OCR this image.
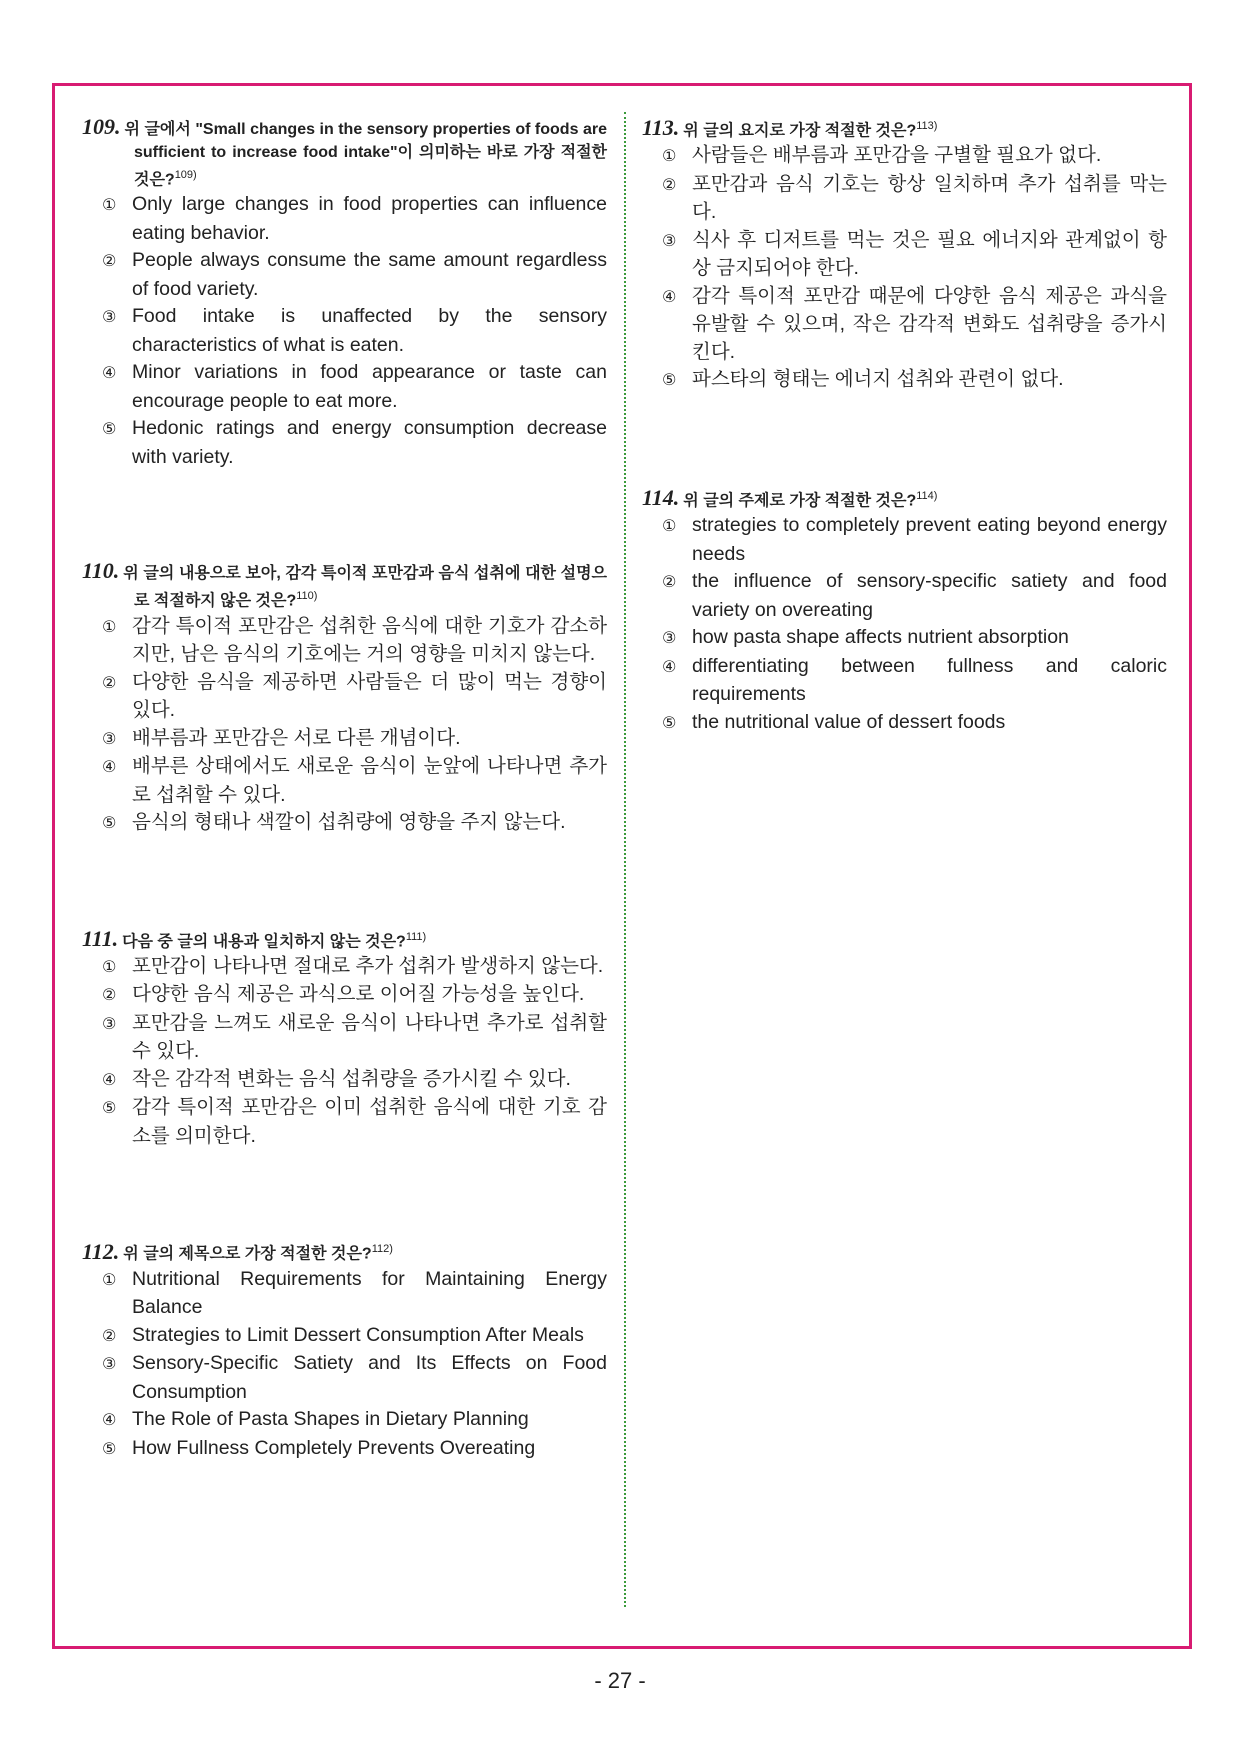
109. 위 글에서 "Small changes in the sensory properties of foods are sufficient to increase food intake"이 의미하는 바로 가장 적절한 것은?$^{109)}$
① Only large changes in food properties can influence eating behavior.
② People always consume the same amount regardless of food variety.
③ Food intake is unaffected by the sensory characteristics of what is eaten.
④ Minor variations in food appearance or taste can encourage people to eat more.
⑤ Hedonic ratings and energy consumption decrease with variety.
110. 위 글의 내용으로 보아, 감각 특이적 포만감과 음식 섭취에 대한 설명으로 적절하지 않은 것은?$^{110)}$
① 감각 특이적 포만감은 섭취한 음식에 대한 기호가 감소하지만, 남은 음식의 기호에는 거의 영향을 미치지 않는다.
② 다양한 음식을 제공하면 사람들은 더 많이 먹는 경향이 있다.
③ 배부름과 포만감은 서로 다른 개념이다.
④ 배부른 상태에서도 새로운 음식이 눈앞에 나타나면 추가로 섭취할 수 있다.
⑤ 음식의 형태나 색깔이 섭취량에 영향을 주지 않는다.
111. 다음 중 글의 내용과 일치하지 않는 것은?$^{111)}$
① 포만감이 나타나면 절대로 추가 섭취가 발생하지 않는다.
② 다양한 음식 제공은 과식으로 이어질 가능성을 높인다.
③ 포만감을 느껴도 새로운 음식이 나타나면 추가로 섭취할 수 있다.
④ 작은 감각적 변화는 음식 섭취량을 증가시킬 수 있다.
⑤ 감각 특이적 포만감은 이미 섭취한 음식에 대한 기호 감소를 의미한다.
112. 위 글의 제목으로 가장 적절한 것은?$^{112)}$
① Nutritional Requirements for Maintaining Energy Balance
② Strategies to Limit Dessert Consumption After Meals
③ Sensory-Specific Satiety and Its Effects on Food Consumption
④ The Role of Pasta Shapes in Dietary Planning
⑤ How Fullness Completely Prevents Overeating
113. 위 글의 요지로 가장 적절한 것은?$^{113)}$
① 사람들은 배부름과 포만감을 구별할 필요가 없다.
② 포만감과 음식 기호는 항상 일치하며 추가 섭취를 막는다.
③ 식사 후 디저트를 먹는 것은 필요 에너지와 관계없이 항상 금지되어야 한다.
④ 감각 특이적 포만감 때문에 다양한 음식 제공은 과식을 유발할 수 있으며, 작은 감각적 변화도 섭취량을 증가시킨다.
⑤ 파스타의 형태는 에너지 섭취와 관련이 없다.
114. 위 글의 주제로 가장 적절한 것은?$^{114)}$
① strategies to completely prevent eating beyond energy needs
② the influence of sensory-specific satiety and food variety on overeating
③ how pasta shape affects nutrient absorption
④ differentiating between fullness and caloric requirements
⑤ the nutritional value of dessert foods
- 27 -
